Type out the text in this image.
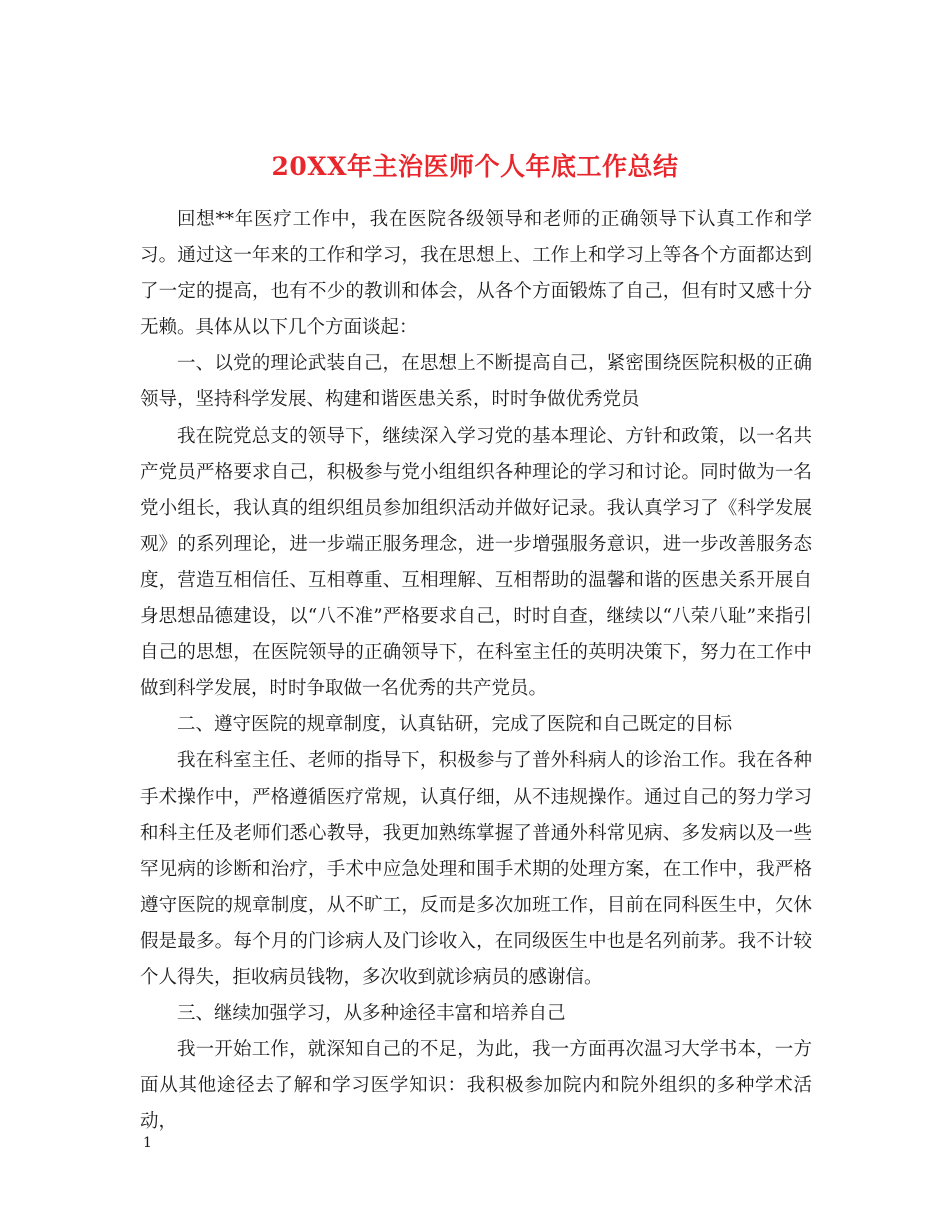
20XX年主治医师个人年底工作总结

回想**年医疗工作中，我在医院各级领导和老师的正确领导下认真工作和学习。通过这一年来的工作和学习，我在思想上、工作上和学习上等各个方面都达到了一定的提高，也有不少的教训和体会，从各个方面锻炼了自己，但有时又感十分无赖。具体从以下几个方面谈起：

一、以党的理论武装自己，在思想上不断提高自己，紧密围绕医院积极的正确领导，坚持科学发展、构建和谐医患关系，时时争做优秀党员

我在院党总支的领导下，继续深入学习党的基本理论、方针和政策，以一名共产党员严格要求自己，积极参与党小组组织各种理论的学习和讨论。同时做为一名党小组长，我认真的组织组员参加组织活动并做好记录。我认真学习了《科学发展观》的系列理论，进一步端正服务理念，进一步增强服务意识，进一步改善服务态度，营造互相信任、互相尊重、互相理解、互相帮助的温馨和谐的医患关系开展自身思想品德建设，以“八不准”严格要求自己，时时自查，继续以“八荣八耻”来指引自己的思想，在医院领导的正确领导下，在科室主任的英明决策下，努力在工作中做到科学发展，时时争取做一名优秀的共产党员。

二、遵守医院的规章制度，认真钻研，完成了医院和自己既定的目标

我在科室主任、老师的指导下，积极参与了普外科病人的诊治工作。我在各种手术操作中，严格遵循医疗常规，认真仔细，从不违规操作。通过自己的努力学习和科主任及老师们悉心教导，我更加熟练掌握了普通外科常见病、多发病以及一些罕见病的诊断和治疗，手术中应急处理和围手术期的处理方案，在工作中，我严格遵守医院的规章制度，从不旷工，反而是多次加班工作，目前在同科医生中，欠休假是最多。每个月的门诊病人及门诊收入，在同级医生中也是名列前茅。我不计较个人得失，拒收病员钱物，多次收到就诊病员的感谢信。

三、继续加强学习，从多种途径丰富和培养自己

我一开始工作，就深知自己的不足，为此，我一方面再次温习大学书本，一方面从其他途径去了解和学习医学知识：我积极参加院内和院外组织的多种学术活动，

1
